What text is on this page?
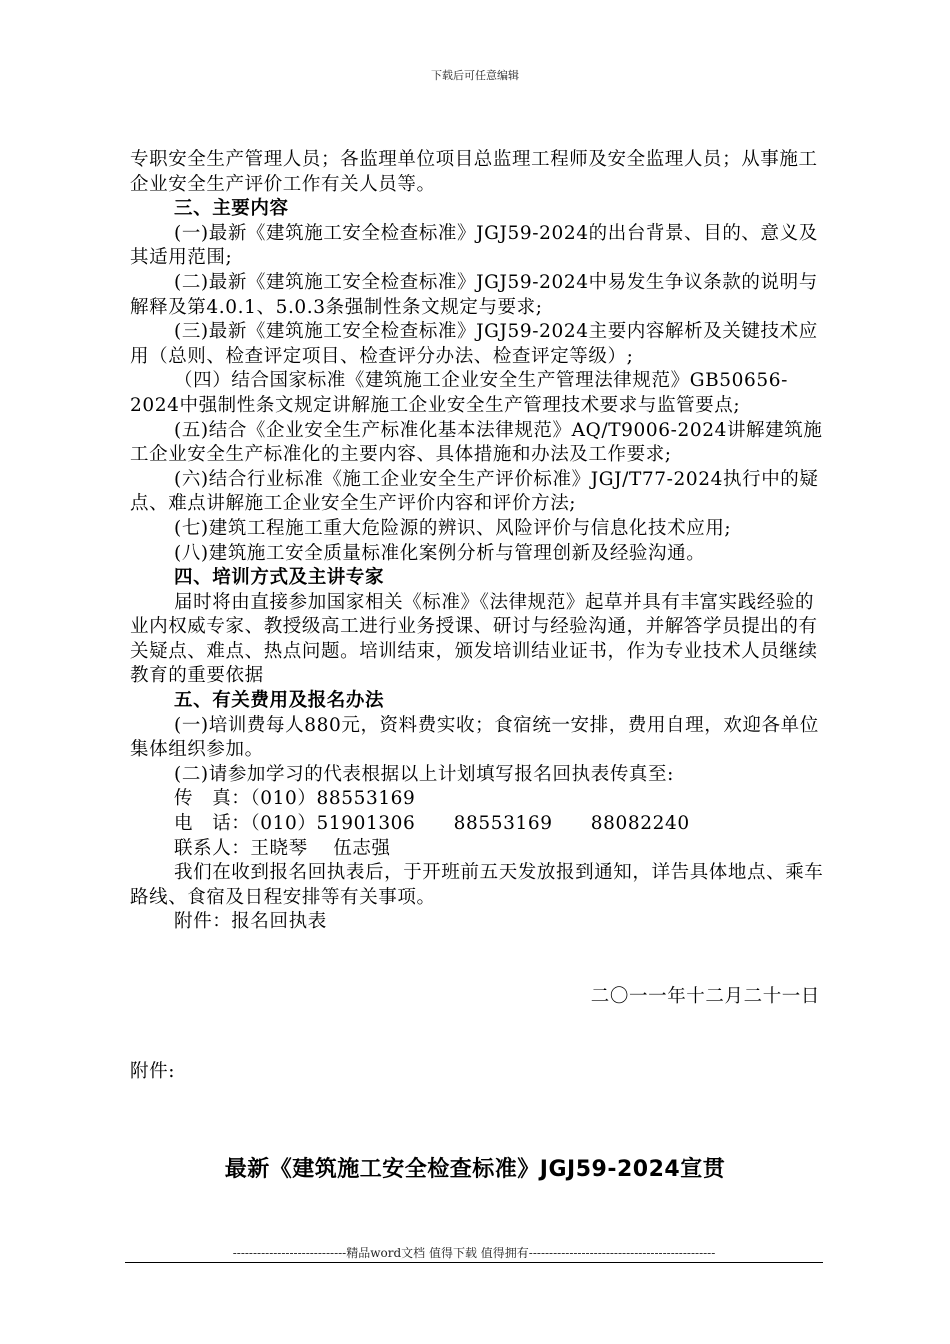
下载后可任意编辑

专职安全生产管理人员；各监理单位项目总监理工程师及安全监理人员；从事施工企业安全生产评价工作有关人员等。

三、主要内容

(一)最新《建筑施工安全检查标准》JGJ59-2024的出台背景、目的、意义及其适用范围;

(二)最新《建筑施工安全检查标准》JGJ59-2024中易发生争议条款的说明与解释及第4.0.1、5.0.3条强制性条文规定与要求;

(三)最新《建筑施工安全检查标准》JGJ59-2024主要内容解析及关键技术应用（总则、检查评定项目、检查评分办法、检查评定等级）;

（四）结合国家标准《建筑施工企业安全生产管理法律规范》GB50656-2024中强制性条文规定讲解施工企业安全生产管理技术要求与监管要点;

(五)结合《企业安全生产标准化基本法律规范》AQ/T9006-2024讲解建筑施工企业安全生产标准化的主要内容、具体措施和办法及工作要求;

(六)结合行业标准《施工企业安全生产评价标准》JGJ/T77-2024执行中的疑点、难点讲解施工企业安全生产评价内容和评价方法;

(七)建筑工程施工重大危险源的辨识、风险评价与信息化技术应用;

(八)建筑施工安全质量标准化案例分析与管理创新及经验沟通。

四、培训方式及主讲专家

届时将由直接参加国家相关《标准》《法律规范》起草并具有丰富实践经验的业内权威专家、教授级高工进行业务授课、研讨与经验沟通，并解答学员提出的有关疑点、难点、热点问题。培训结束，颁发培训结业证书，作为专业技术人员继续教育的重要依据

五、有关费用及报名办法

(一)培训费每人880元，资料费实收；食宿统一安排，费用自理，欢迎各单位集体组织参加。

(二)请参加学习的代表根据以上计划填写报名回执表传真至:

传　真：（010）88553169

电　话：（010）51901306　　88553169　　88082240

联系人：王晓琴　 伍志强

我们在收到报名回执表后，于开班前五天发放报到通知，详告具体地点、乘车路线、食宿及日程安排等有关事项。

附件：报名回执表

二〇一一年十二月二十一日

附件:

最新《建筑施工安全检查标准》JGJ59-2024宣贯
----------------------------精品word文档 值得下载 值得拥有----------------------------------------------
